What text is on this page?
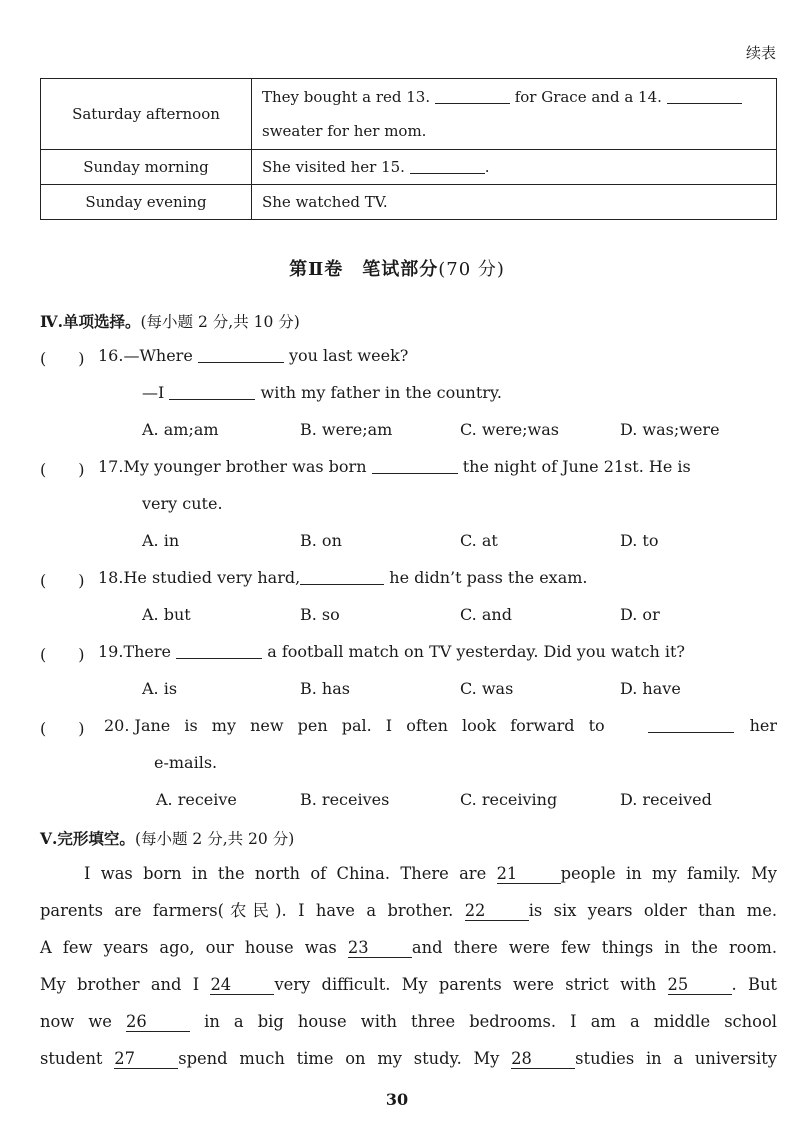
续表
Saturday afternoon	They bought a red 13. for Grace and a 14.
sweater for her mom.

Sunday morning	She visited her 15. .

Sunday evening	She watched TV.
第Ⅱ卷　笔试部分(70 分)
Ⅳ.单项选择。(每小题 2 分,共 10 分)
(　　) 16.—Where	you last week?
—I	with my father in the country.
A. am;am	B. were;am	C. were;was	D. was;were
(　　) 17.My younger brother was born	the night of June 21st. He is
very cute.
A. in	B. on	C. at	D. to
(　　) 18.He studied very hard,	he didn’t pass the exam.
A. but	B. so	C. and	D. or
(　　) 19.There	a football match on TV yesterday. Did you watch it?
A. is	B. has	C. was	D. have
(　　) 20. Jane is my new pen pal. I often look forward to	her
e-mails.
A. receive	B. receives	C. receiving	D. received
Ⅴ.完形填空。(每小题 2 分,共 20 分)
I was born in the north of China. There are 21	people in my family. My
parents are farmers(农民). I have a brother. 22	is six years older than me.
A few years ago, our house was 23	and there were few things in the room.
My brother and I 24	very difficult. My parents were strict with 25	. But
now we 26	in a big house with three bedrooms. I am a middle school
student 27	spend much time on my study. My 28	studies in a university
30
